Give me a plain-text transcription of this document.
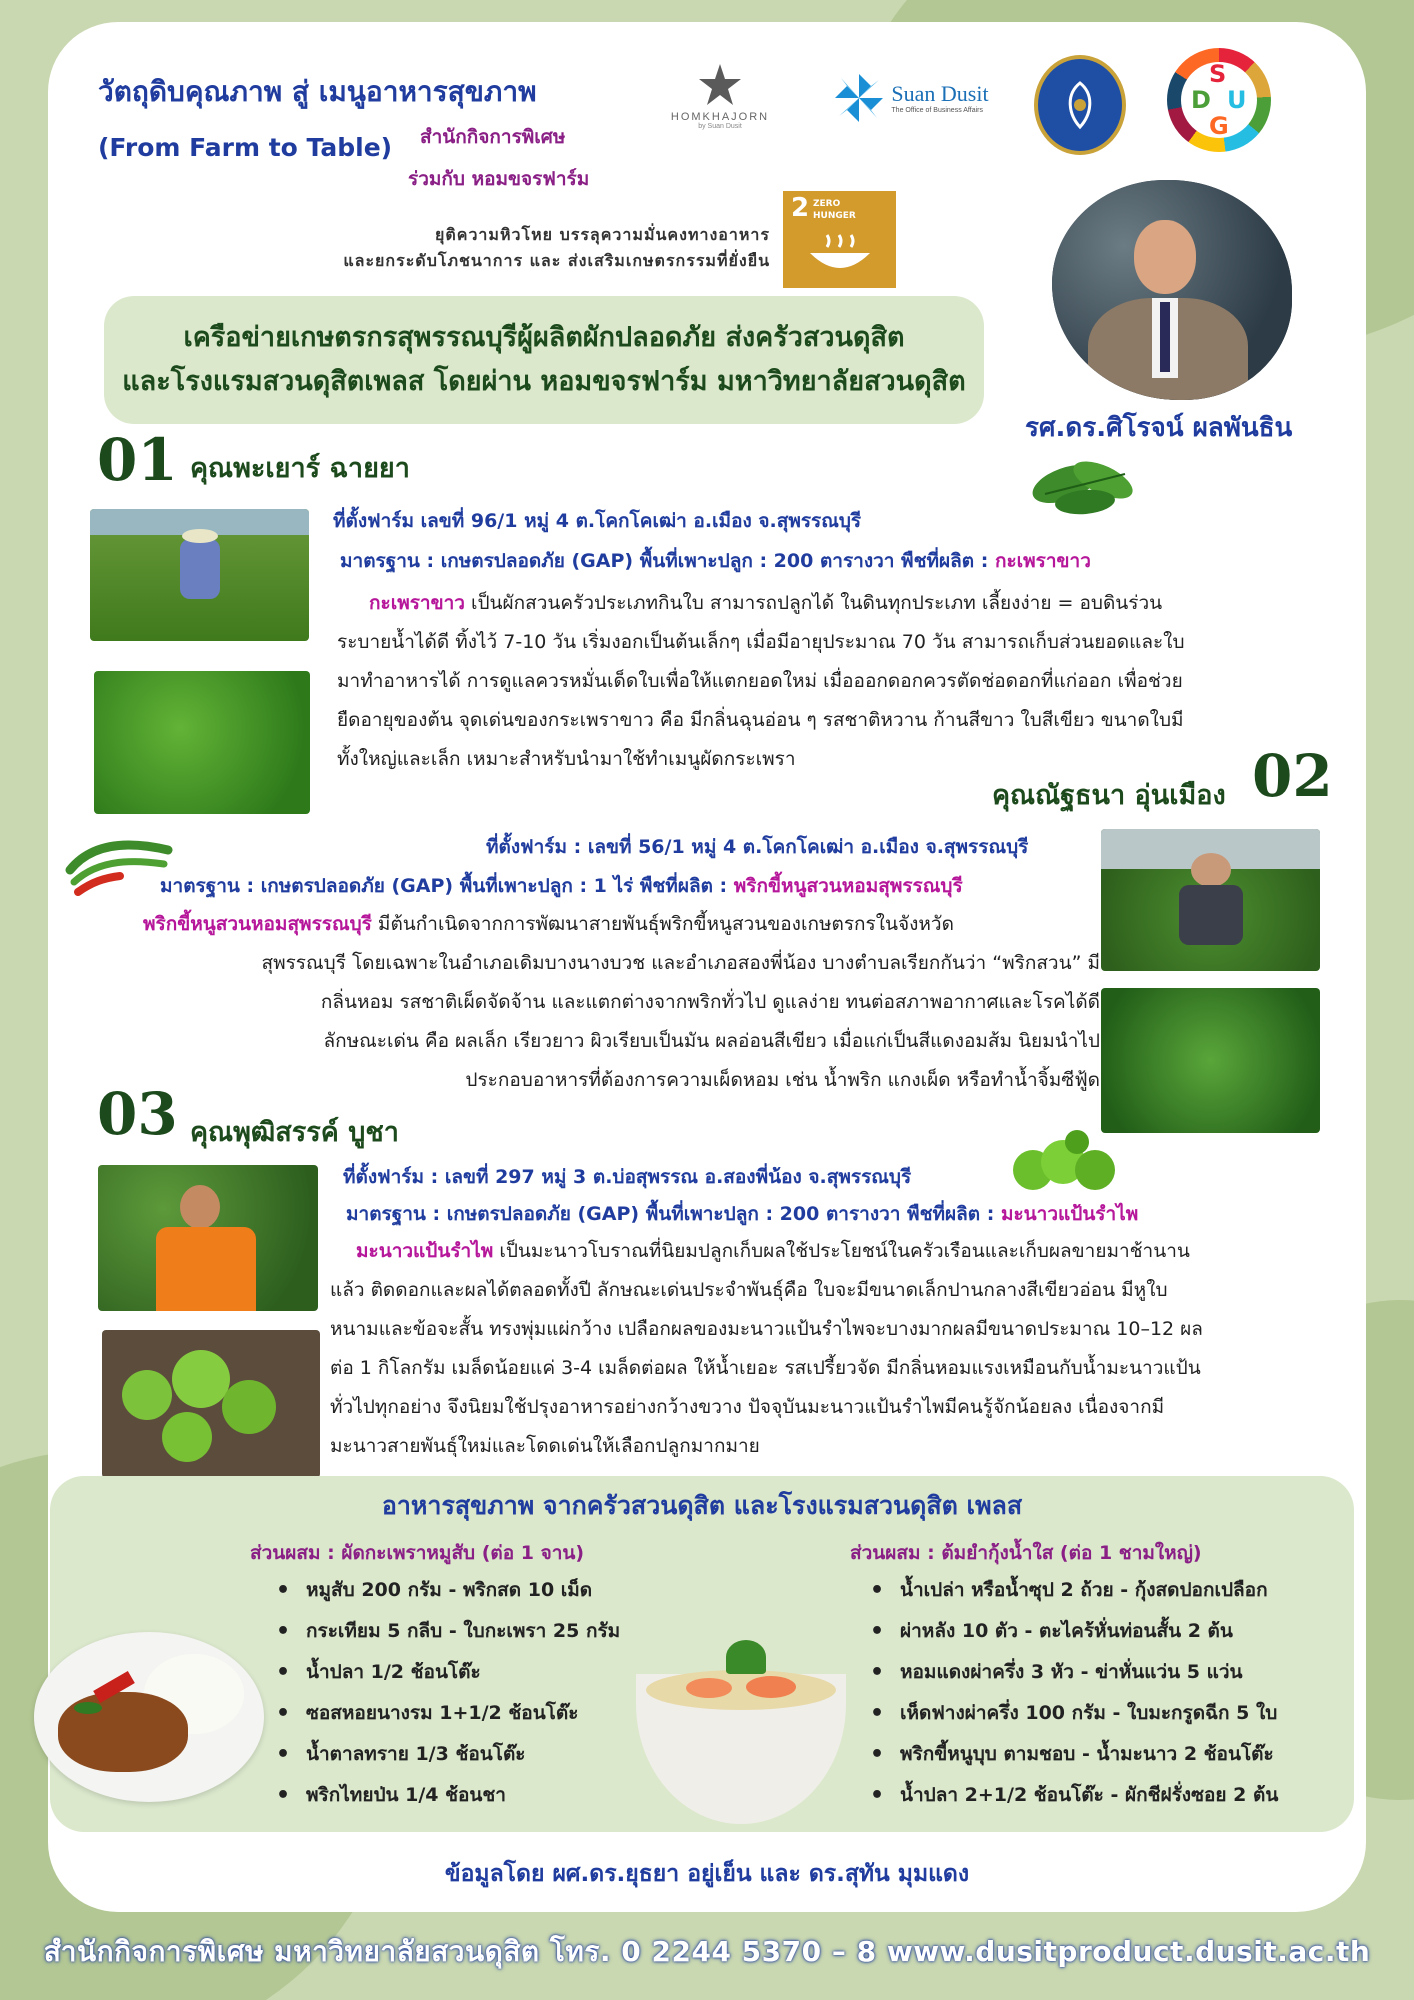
วัตถุดิบคุณภาพ สู่ เมนูอาหารสุขภาพ
(From Farm to Table) สำนักกิจการพิเศษ
ร่วมกับ หอมขจรฟาร์ม
ยุติความหิวโหย บรรลุความมั่นคงทางอาหาร
และยกระดับโภชนาการ และ ส่งเสริมเกษตรกรรมที่ยั่งยืน
2 ZERO
HUNGER
HOMKHAJORN
by Suan Dusit
Suan Dusit
The Office of Business Affairs
S
D U
G
เครือข่ายเกษตรกรสุพรรณบุรีผู้ผลิตผักปลอดภัย ส่งครัวสวนดุสิต
และโรงแรมสวนดุสิตเพลส โดยผ่าน หอมขจรฟาร์ม มหาวิทยาลัยสวนดุสิต
รศ.ดร.ศิโรจน์ ผลพันธิน
01 คุณพะเยาร์ ฉายยา
ที่ตั้งฟาร์ม เลขที่ 96/1 หมู่ 4 ต.โคกโคเฒ่า อ.เมือง จ.สุพรรณบุรี
มาตรฐาน : เกษตรปลอดภัย (GAP) พื้นที่เพาะปลูก : 200 ตารางวา พืชที่ผลิต : กะเพราขาว
กะเพราขาว เป็นผักสวนครัวประเภทกินใบ สามารถปลูกได้ ในดินทุกประเภท เลี้ยงง่าย = อบดินร่วน
ระบายน้ำได้ดี ทิ้งไว้ 7-10 วัน เริ่มงอกเป็นต้นเล็กๆ เมื่อมีอายุประมาณ 70 วัน สามารถเก็บส่วนยอดและใบ
มาทำอาหารได้ การดูแลควรหมั่นเด็ดใบเพื่อให้แตกยอดใหม่ เมื่อออกดอกควรตัดช่อดอกที่แก่ออก เพื่อช่วย
ยืดอายุของต้น จุดเด่นของกระเพราขาว คือ มีกลิ่นฉุนอ่อน ๆ รสชาติหวาน ก้านสีขาว ใบสีเขียว ขนาดใบมี
ทั้งใหญ่และเล็ก เหมาะสำหรับนำมาใช้ทำเมนูผัดกระเพรา
คุณณัฐธนา อุ่นเมือง 02
ที่ตั้งฟาร์ม : เลขที่ 56/1 หมู่ 4 ต.โคกโคเฒ่า อ.เมือง จ.สุพรรณบุรี
มาตรฐาน : เกษตรปลอดภัย (GAP) พื้นที่เพาะปลูก : 1 ไร่ พืชที่ผลิต : พริกขี้หนูสวนหอมสุพรรณบุรี
พริกขี้หนูสวนหอมสุพรรณบุรี มีต้นกำเนิดจากการพัฒนาสายพันธุ์พริกขี้หนูสวนของเกษตรกรในจังหวัด
สุพรรณบุรี โดยเฉพาะในอำเภอเดิมบางนางบวช และอำเภอสองพี่น้อง บางตำบลเรียกกันว่า “พริกสวน” มี
กลิ่นหอม รสชาติเผ็ดจัดจ้าน และแตกต่างจากพริกทั่วไป ดูแลง่าย ทนต่อสภาพอากาศและโรคได้ดี
ลักษณะเด่น คือ ผลเล็ก เรียวยาว ผิวเรียบเป็นมัน ผลอ่อนสีเขียว เมื่อแก่เป็นสีแดงอมส้ม นิยมนำไป
ประกอบอาหารที่ต้องการความเผ็ดหอม เช่น น้ำพริก แกงเผ็ด หรือทำน้ำจิ้มซีฟู้ด
03 คุณพุฒิสรรค์ บูชา
ที่ตั้งฟาร์ม : เลขที่ 297 หมู่ 3 ต.บ่อสุพรรณ อ.สองพี่น้อง จ.สุพรรณบุรี
มาตรฐาน : เกษตรปลอดภัย (GAP) พื้นที่เพาะปลูก : 200 ตารางวา พืชที่ผลิต : มะนาวแป้นรำไพ
มะนาวแป้นรำไพ เป็นมะนาวโบราณที่นิยมปลูกเก็บผลใช้ประโยชน์ในครัวเรือนและเก็บผลขายมาช้านาน
แล้ว ติดดอกและผลได้ตลอดทั้งปี ลักษณะเด่นประจำพันธุ์คือ ใบจะมีขนาดเล็กปานกลางสีเขียวอ่อน มีหูใบ
หนามและข้อจะสั้น ทรงพุ่มแผ่กว้าง เปลือกผลของมะนาวแป้นรำไพจะบางมากผลมีขนาดประมาณ 10–12 ผล
ต่อ 1 กิโลกรัม เมล็ดน้อยแค่ 3-4 เมล็ดต่อผล ให้น้ำเยอะ รสเปรี้ยวจัด มีกลิ่นหอมแรงเหมือนกับน้ำมะนาวแป้น
ทั่วไปทุกอย่าง จึงนิยมใช้ปรุงอาหารอย่างกว้างขวาง ปัจจุบันมะนาวแป้นรำไพมีคนรู้จักน้อยลง เนื่องจากมี
มะนาวสายพันธุ์ใหม่และโดดเด่นให้เลือกปลูกมากมาย
อาหารสุขภาพ จากครัวสวนดุสิต และโรงแรมสวนดุสิต เพลส
ส่วนผสม : ผัดกะเพราหมูสับ (ต่อ 1 จาน)
• หมูสับ 200 กรัม - พริกสด 10 เม็ด
• กระเทียม 5 กลีบ - ใบกะเพรา 25 กรัม
• น้ำปลา 1/2 ช้อนโต๊ะ
• ซอสหอยนางรม 1+1/2 ช้อนโต๊ะ
• น้ำตาลทราย 1/3 ช้อนโต๊ะ
• พริกไทยป่น 1/4 ช้อนชา
ส่วนผสม : ต้มยำกุ้งน้ำใส (ต่อ 1 ชามใหญ่)
• น้ำเปล่า หรือน้ำซุป 2 ถ้วย - กุ้งสดปอกเปลือก
• ผ่าหลัง 10 ตัว - ตะไคร้หั่นท่อนสั้น 2 ต้น
• หอมแดงผ่าครึ่ง 3 หัว - ข่าหั่นแว่น 5 แว่น
• เห็ดฟางผ่าครึ่ง 100 กรัม - ใบมะกรูดฉีก 5 ใบ
• พริกขี้หนูบุบ ตามชอบ - น้ำมะนาว 2 ช้อนโต๊ะ
• น้ำปลา 2+1/2 ช้อนโต๊ะ - ผักชีฝรั่งซอย 2 ต้น
ข้อมูลโดย ผศ.ดร.ยุธยา อยู่เย็น และ ดร.สุทัน มุมแดง
สำนักกิจการพิเศษ มหาวิทยาลัยสวนดุสิต โทร. 0 2244 5370 – 8 www.dusitproduct.dusit.ac.th
